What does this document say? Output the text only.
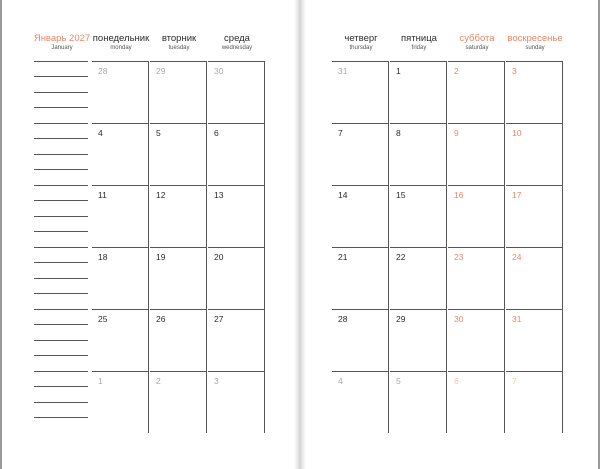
Январь 2027
January
понедельник
monday
вторник
tuesday
среда
wednesday
четверг
thursday
пятница
friday
суббота
saturday
воскресенье
sunday
28	29	30	31	1	2	3
4	5	6	7	8	9	10
11	12	13	14	15	16	17
18	19	20	21	22	23	24
25	26	27	28	29	30	31
1	2	3	4	5	6	7
